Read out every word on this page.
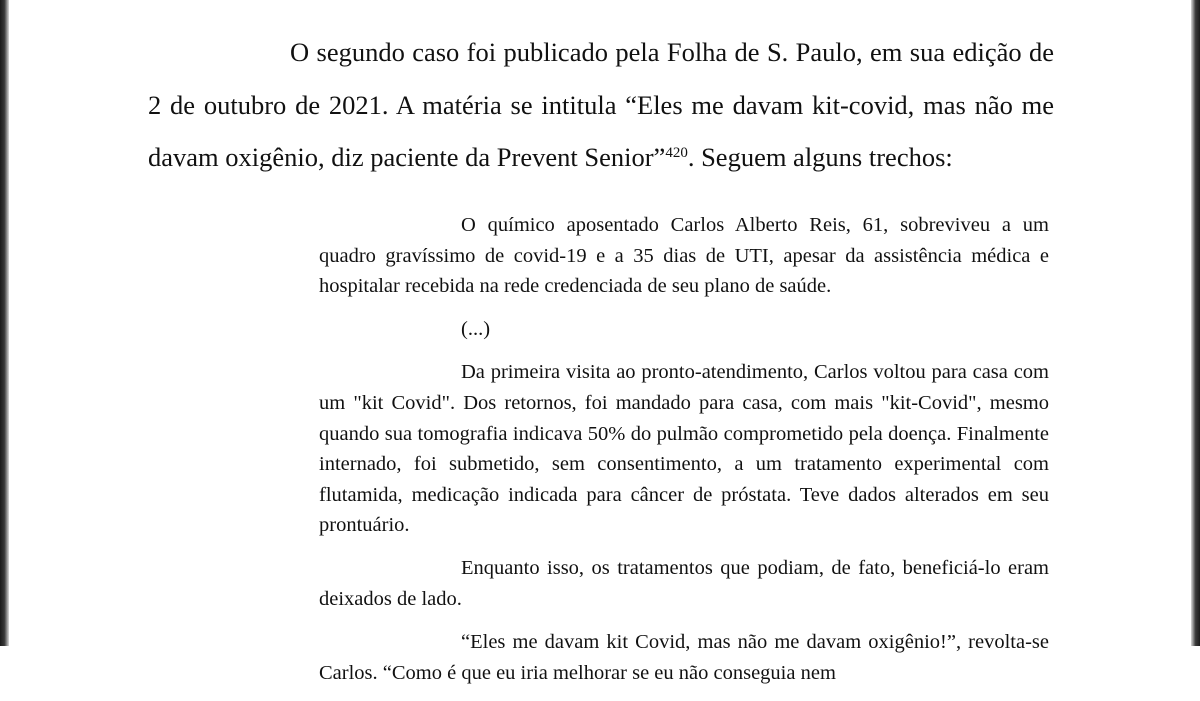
O segundo caso foi publicado pela Folha de S. Paulo, em sua edição de 2 de outubro de 2021. A matéria se intitula “Eles me davam kit-covid, mas não me davam oxigênio, diz paciente da Prevent Senior”$^{420}$. Seguem alguns trechos:

O químico aposentado Carlos Alberto Reis, 61, sobreviveu a um quadro gravíssimo de covid-19 e a 35 dias de UTI, apesar da assistência médica e hospitalar recebida na rede credenciada de seu plano de saúde.

(...)

Da primeira visita ao pronto-atendimento, Carlos voltou para casa com um "kit Covid". Dos retornos, foi mandado para casa, com mais "kit-Covid", mesmo quando sua tomografia indicava 50% do pulmão comprometido pela doença. Finalmente internado, foi submetido, sem consentimento, a um tratamento experimental com flutamida, medicação indicada para câncer de próstata. Teve dados alterados em seu prontuário.

Enquanto isso, os tratamentos que podiam, de fato, beneficiá-lo eram deixados de lado.

“Eles me davam kit Covid, mas não me davam oxigênio!”, revolta-se Carlos. “Como é que eu iria melhorar se eu não conseguia nem
